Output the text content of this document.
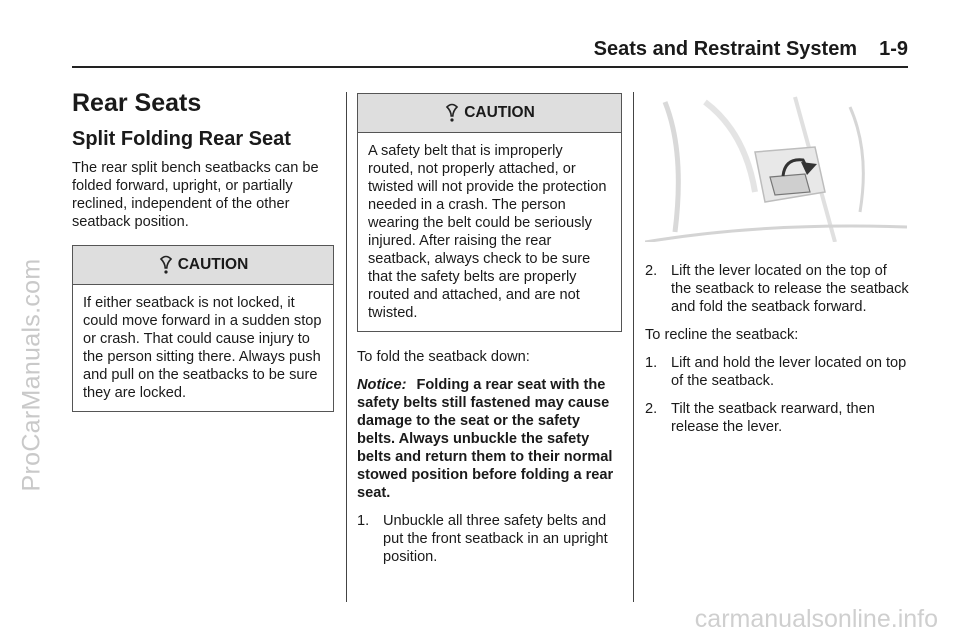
ProCarManuals.com
Seats and Restraint System 1-9
Rear Seats
Split Folding Rear Seat

The rear split bench seatbacks can be folded forward, upright, or partially reclined, independent of the other seatback position.

CAUTION
If either seatback is not locked, it could move forward in a sudden stop or crash. That could cause injury to the person sitting there. Always push and pull on the seatbacks to be sure they are locked.
CAUTION
A safety belt that is improperly routed, not properly attached, or twisted will not provide the protection needed in a crash. The person wearing the belt could be seriously injured. After raising the rear seatback, always check to be sure that the safety belts are properly routed and attached, and are not twisted.

To fold the seatback down:

Notice: Folding a rear seat with the safety belts still fastened may cause damage to the seat or the safety belts. Always unbuckle the safety belts and return them to their normal stowed position before folding a rear seat.
1. Unbuckle all three safety belts and put the front seatback in an upright position.
2. Lift the lever located on the top of the seatback to release the seatback and fold the seatback forward.

To recline the seatback:

1. Lift and hold the lever located on top of the seatback.
2. Tilt the seatback rearward, then release the lever.
carmanualsonline.info
